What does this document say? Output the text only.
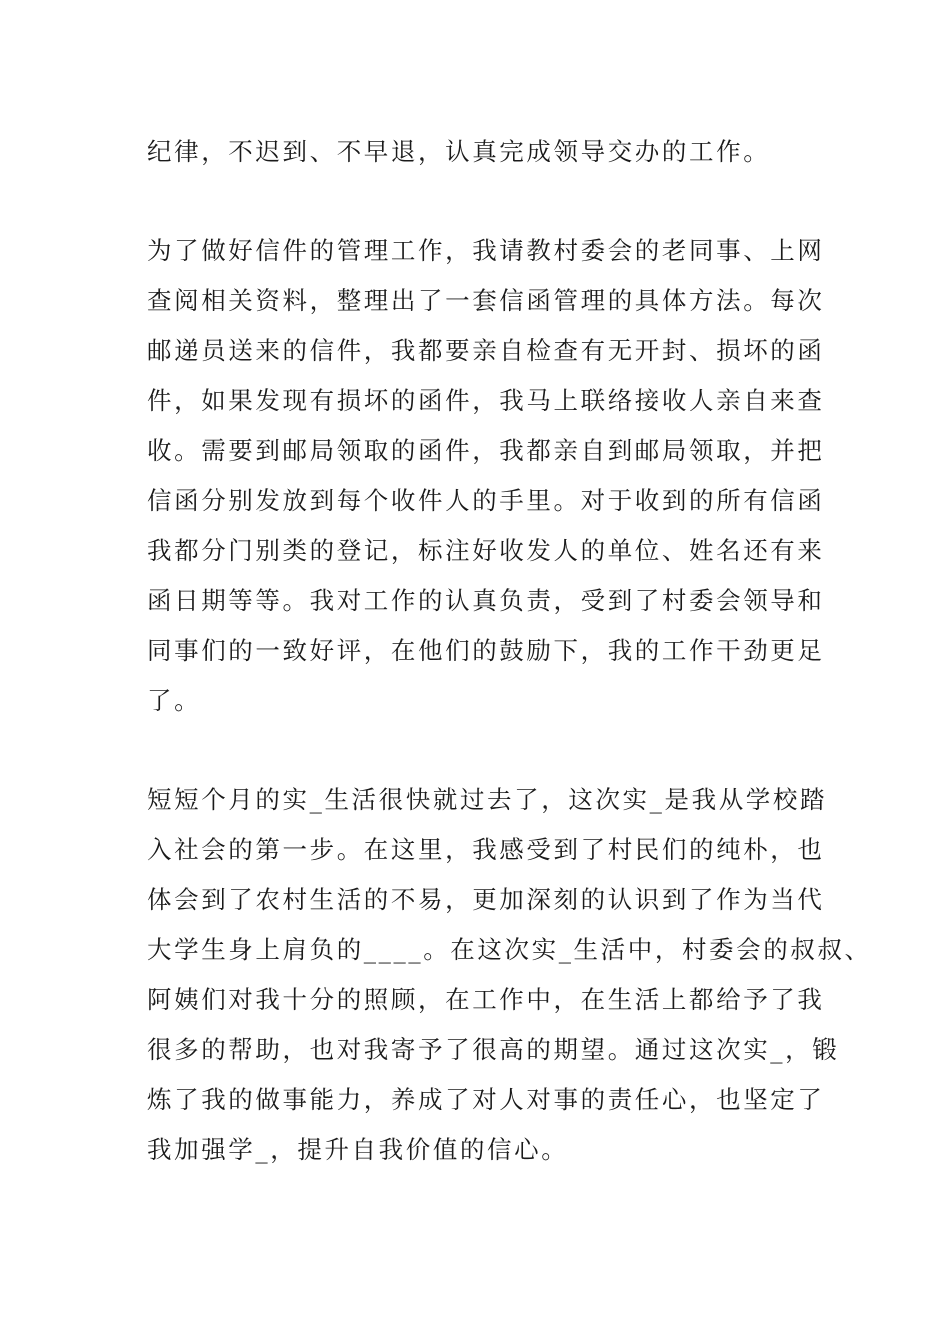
纪律，不迟到、不早退，认真完成领导交办的工作。
为了做好信件的管理工作，我请教村委会的老同事、上网
查阅相关资料，整理出了一套信函管理的具体方法。每次
邮递员送来的信件，我都要亲自检查有无开封、损坏的函
件，如果发现有损坏的函件，我马上联络接收人亲自来查
收。需要到邮局领取的函件，我都亲自到邮局领取，并把
信函分别发放到每个收件人的手里。对于收到的所有信函
我都分门别类的登记，标注好收发人的单位、姓名还有来
函日期等等。我对工作的认真负责，受到了村委会领导和
同事们的一致好评，在他们的鼓励下，我的工作干劲更足
了。
短短个月的实_生活很快就过去了，这次实_是我从学校踏
入社会的第一步。在这里，我感受到了村民们的纯朴，也
体会到了农村生活的不易，更加深刻的认识到了作为当代
大学生身上肩负的____。在这次实_生活中，村委会的叔叔、
阿姨们对我十分的照顾，在工作中，在生活上都给予了我
很多的帮助，也对我寄予了很高的期望。通过这次实_，锻
炼了我的做事能力，养成了对人对事的责任心，也坚定了
我加强学_，提升自我价值的信心。
